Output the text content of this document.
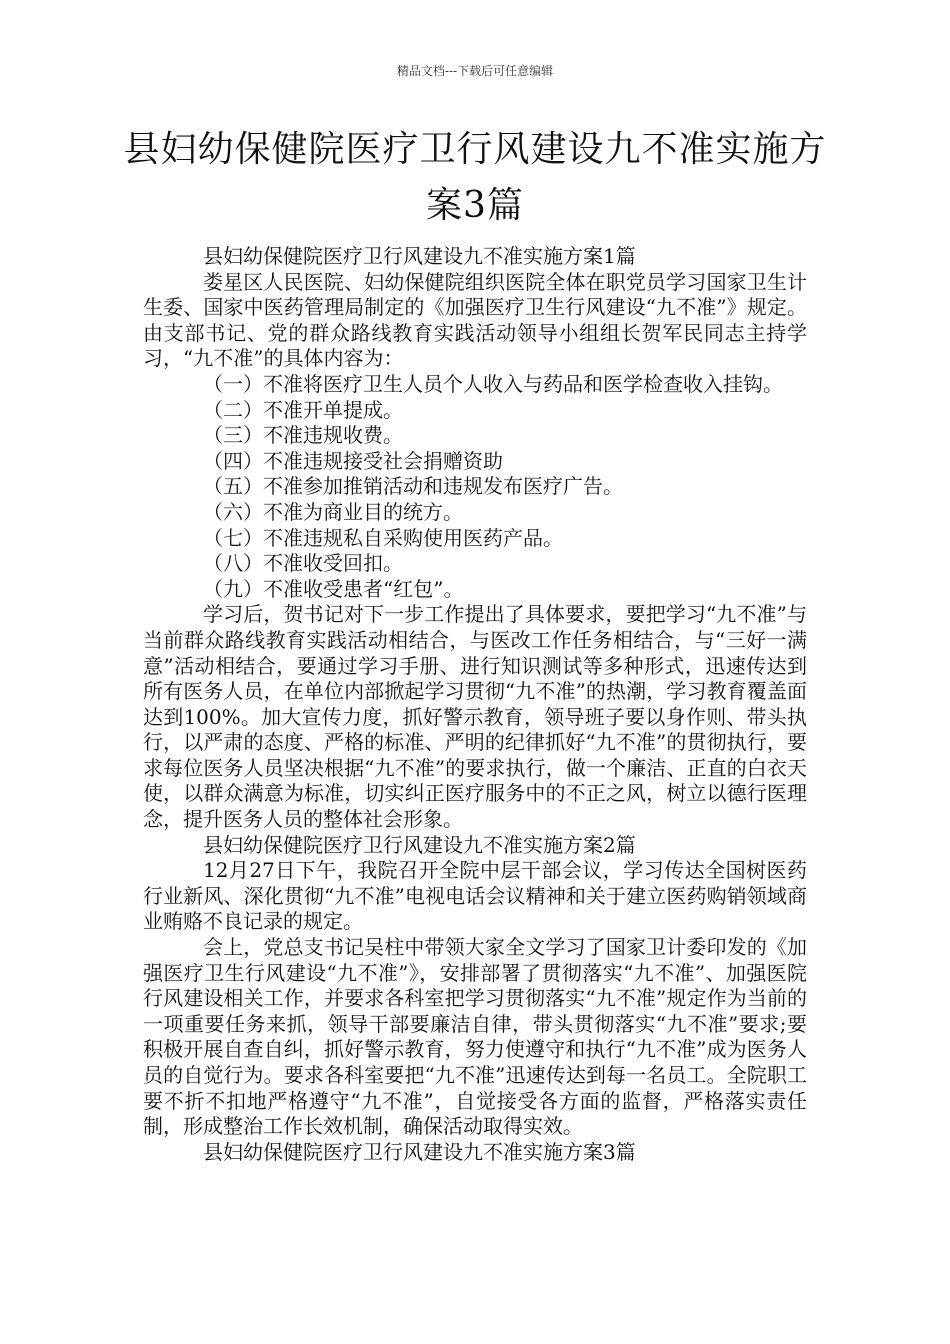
精品文档---下载后可任意编辑
县妇幼保健院医疗卫行风建设九不准实施方案3篇

县妇幼保健院医疗卫行风建设九不准实施方案1篇

娄星区人民医院、妇幼保健院组织医院全体在职党员学习国家卫生计生委、国家中医药管理局制定的《加强医疗卫生行风建设“九不准”》规定。由支部书记、党的群众路线教育实践活动领导小组组长贺军民同志主持学习，“九不准”的具体内容为：

（一）不准将医疗卫生人员个人收入与药品和医学检查收入挂钩。

（二）不准开单提成。

（三）不准违规收费。

（四）不准违规接受社会捐赠资助

（五）不准参加推销活动和违规发布医疗广告。

（六）不准为商业目的统方。

（七）不准违规私自采购使用医药产品。

（八）不准收受回扣。

（九）不准收受患者“红包”。

学习后，贺书记对下一步工作提出了具体要求，要把学习“九不准”与当前群众路线教育实践活动相结合，与医改工作任务相结合，与“三好一满意”活动相结合，要通过学习手册、进行知识测试等多种形式，迅速传达到所有医务人员，在单位内部掀起学习贯彻“九不准”的热潮，学习教育覆盖面达到100%。加大宣传力度，抓好警示教育，领导班子要以身作则、带头执行，以严肃的态度、严格的标准、严明的纪律抓好“九不准”的贯彻执行，要求每位医务人员坚决根据“九不准”的要求执行，做一个廉洁、正直的白衣天使，以群众满意为标准，切实纠正医疗服务中的不正之风，树立以德行医理念，提升医务人员的整体社会形象。

县妇幼保健院医疗卫行风建设九不准实施方案2篇

12月27日下午，我院召开全院中层干部会议，学习传达全国树医药行业新风、深化贯彻“九不准”电视电话会议精神和关于建立医药购销领域商业贿赂不良记录的规定。

会上，党总支书记吴柱中带领大家全文学习了国家卫计委印发的《加强医疗卫生行风建设“九不准”》，安排部署了贯彻落实“九不准”、加强医院行风建设相关工作，并要求各科室把学习贯彻落实“九不准”规定作为当前的一项重要任务来抓，领导干部要廉洁自律，带头贯彻落实“九不准”要求;要积极开展自查自纠，抓好警示教育，努力使遵守和执行“九不准”成为医务人员的自觉行为。要求各科室要把“九不准”迅速传达到每一名员工。全院职工要不折不扣地严格遵守“九不准”，自觉接受各方面的监督，严格落实责任制，形成整治工作长效机制，确保活动取得实效。

县妇幼保健院医疗卫行风建设九不准实施方案3篇
